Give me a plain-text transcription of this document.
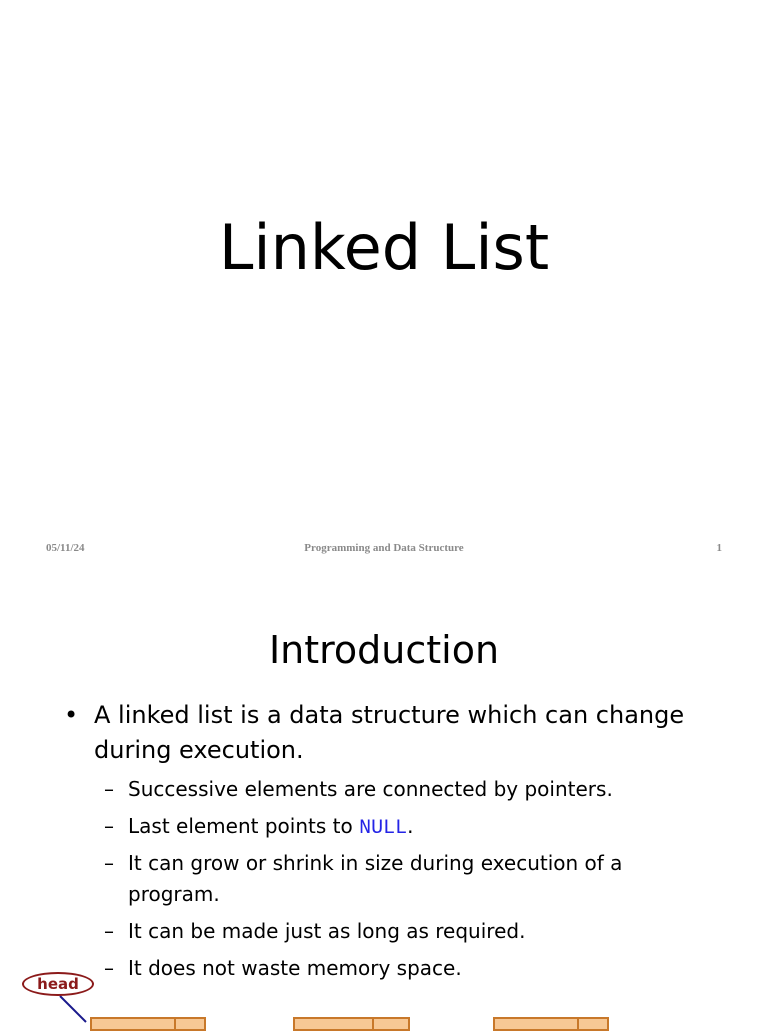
Linked List
05/11/24	Programming and Data Structure	1
Introduction
• A linked list is a data structure which can change during execution.
– Successive elements are connected by pointers.
– Last element points to NULL.
– It can grow or shrink in size during execution of a program.
– It can be made just as long as required.
– It does not waste memory space.
head
